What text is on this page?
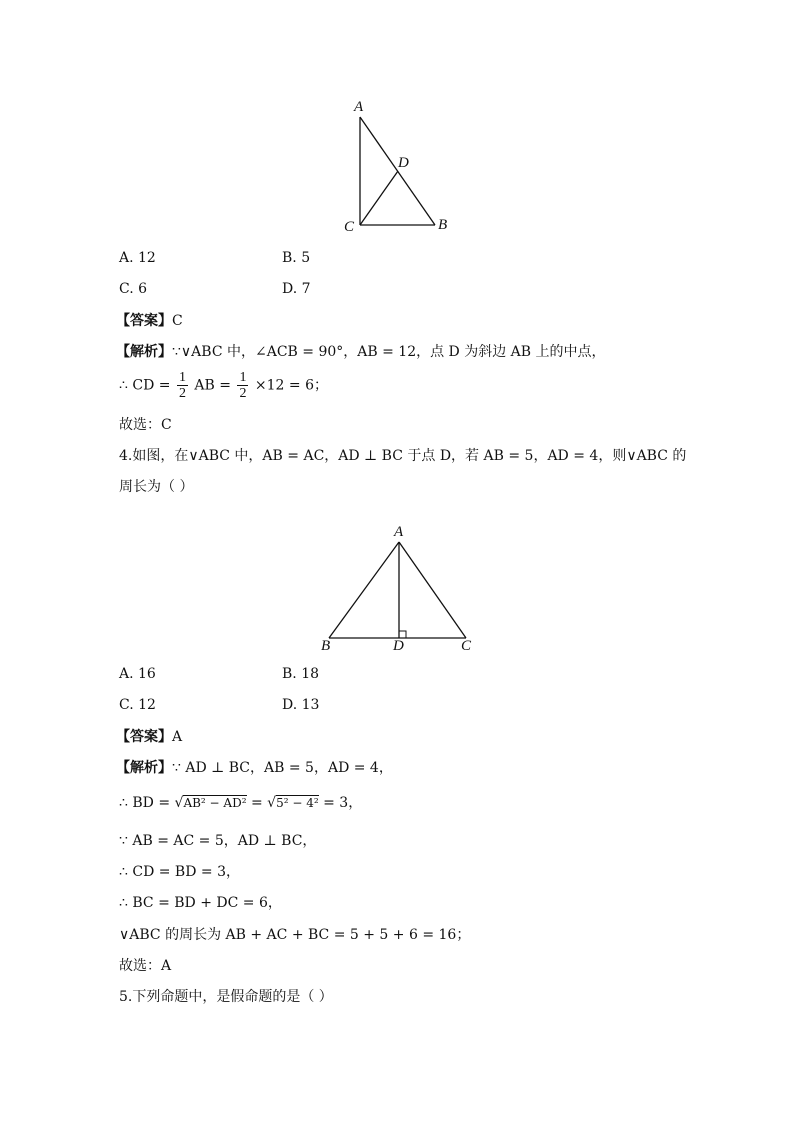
A
D
C	B
A. 12	B. 5
C. 6	D. 7
【答案】C
【解析】∵∨ABC 中，∠ACB = 90°，AB = 12，点 D 为斜边 AB 上的中点，
∴ CD = $\frac{1}{2}$ AB = $\frac{1}{2} \times 12 = 6$；
故选：C
4.如图，在∨ABC 中，AB = AC，AD ⊥ BC 于点 D，若 AB = 5，AD = 4，则∨ABC 的
周长为（ ）
A
B	D	C
A. 16	B. 18
C. 12	D. 13
【答案】A
【解析】∵ AD ⊥ BC，AB = 5，AD = 4，
∴ BD = √AB² − AD² = √5² − 4² = 3，
∵ AB = AC = 5，AD ⊥ BC，
∴ CD = BD = 3，
∴ BC = BD + DC = 6，
∨ABC 的周长为 AB + AC + BC = 5 + 5 + 6 = 16；
故选：A
5.下列命题中，是假命题的是（ ）
